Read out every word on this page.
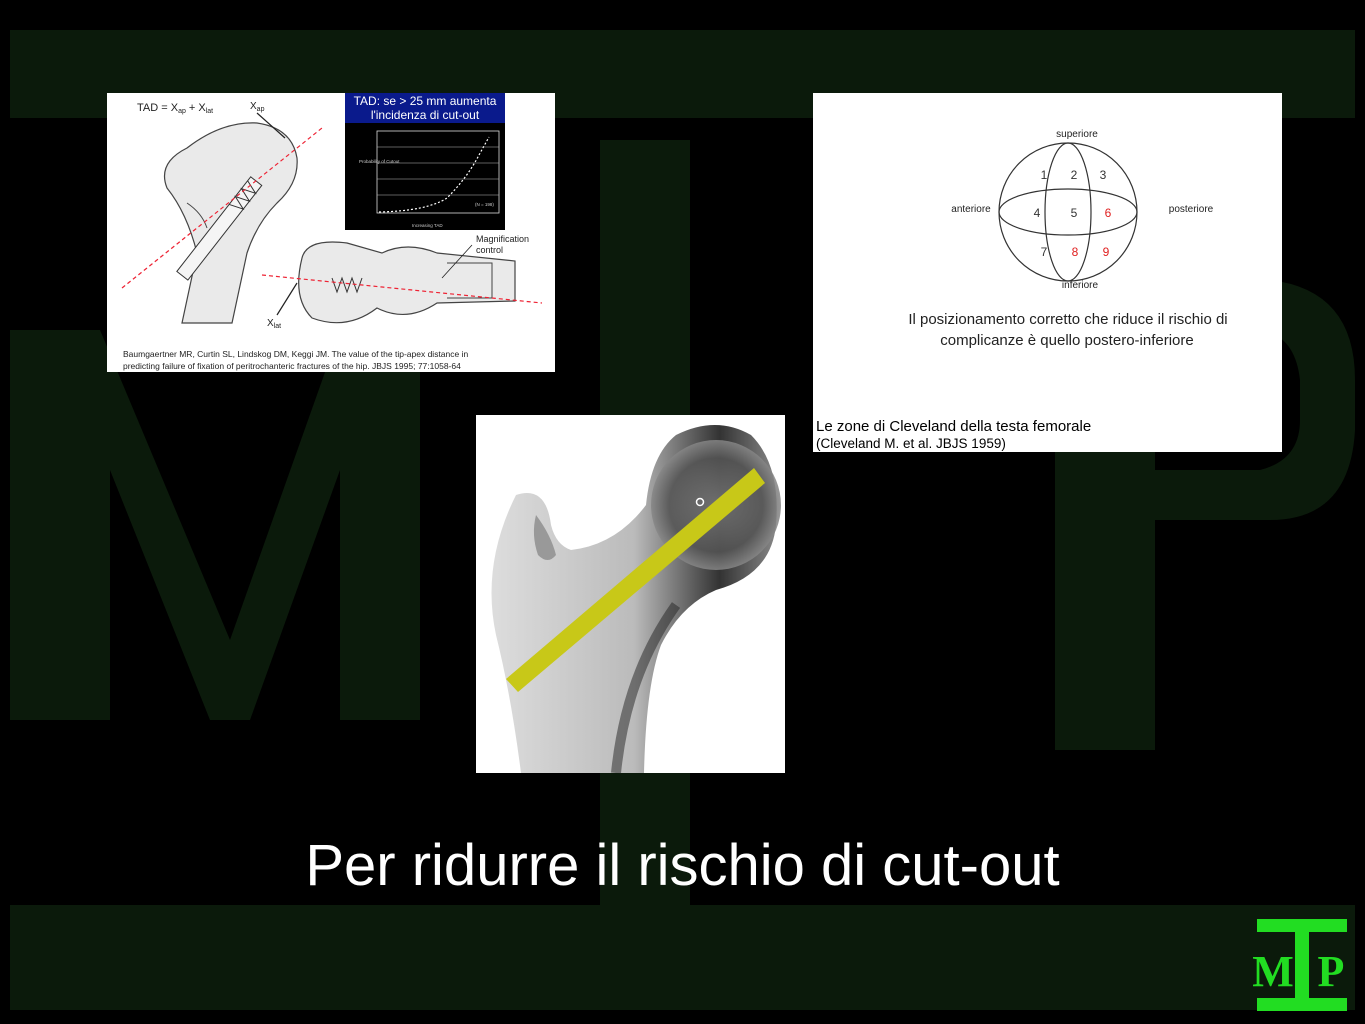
TAD = Xap + Xlat	$X_{ap}$
TAD: se > 25 mm aumenta
l'incidenza di cut-out
Probability of Cutout
Increasing TAD
(N = 198)
$X_{lat}$
Magnification
control
Baumgaertner MR, Curtin SL, Lindskog DM, Keggi JM. The value of the tip-apex distance in
predicting failure of fixation of peritrochanteric fractures of the hip. JBJS 1995; 77:1058-64
superiore
inferiore
anteriore	posteriore
1 2 3
4	5 6
7 8 9
Il posizionamento corretto che riduce il rischio di
complicanze è quello postero-inferiore
Le zone di Cleveland della testa femorale
(Cleveland M. et al. JBJS 1959)
Per ridurre il rischio di cut-out
M P
